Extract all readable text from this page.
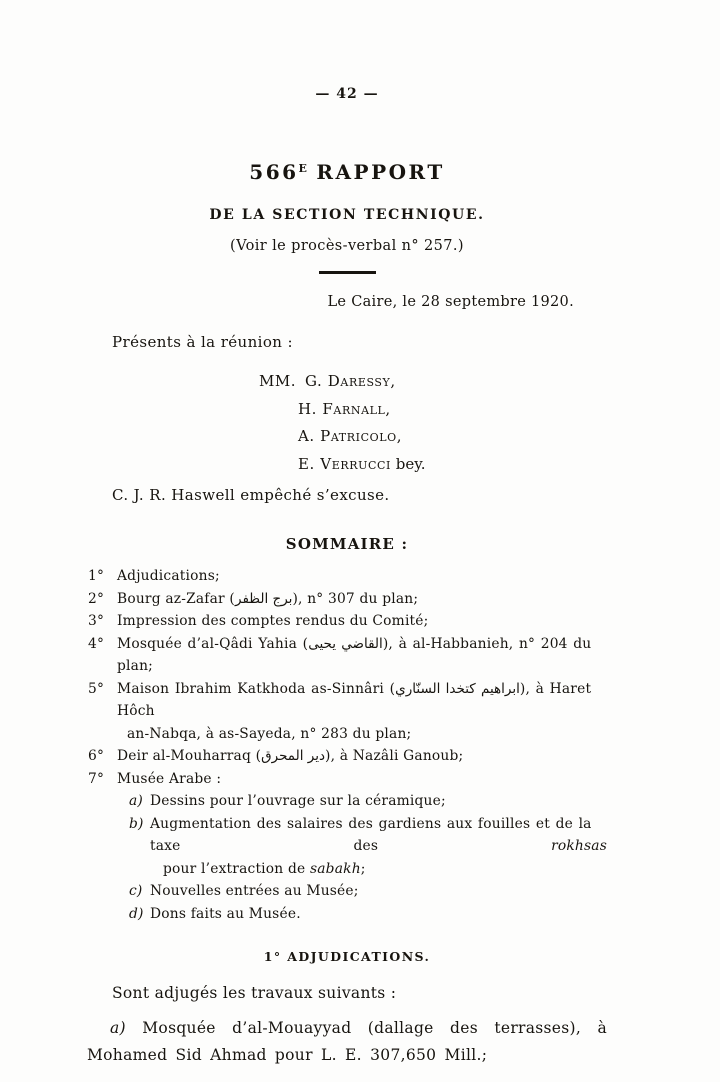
— 42 —
$566^E$ RAPPORT
DE LA SECTION TECHNIQUE.
(Voir le procès-verbal n° 257.)
Le Caire, le 28 septembre 1920.
Présents à la réunion :
MM. G. Daressy,
H. Farnall,
A. Patricolo,
E. Verrucci bey.
C. J. R. Haswell empêché s’excuse.
SOMMAIRE :
1° Adjudications;
2° Bourg az-Zafar (برج الظفر), n° 307 du plan;
3° Impression des comptes rendus du Comité;
4° Mosquée d’al-Qâdi Yahia (القاضي يحيى), à al-Habbanieh, n° 204 du plan;
5° Maison Ibrahim Katkhoda as-Sinnâri (ابراهيم كتخدا السنّاري), à Haret Hôch
an-Nabqa, à as-Sayeda, n° 283 du plan;
6° Deir al-Mouharraq (دير المحرق), à Nazâli Ganoub;
7° Musée Arabe :
a) Dessins pour l’ouvrage sur la céramique;
b) Augmentation des salaires des gardiens aux fouilles et de la taxe des rokhsas
pour l’extraction de sabakh;
c) Nouvelles entrées au Musée;
d) Dons faits au Musée.
1° ADJUDICATIONS.

Sont adjugés les travaux suivants :

a) Mosquée d’al-Mouayyad (dallage des terrasses), à Mohamed Sid Ahmad pour L. E. 307,650 Mill.;
